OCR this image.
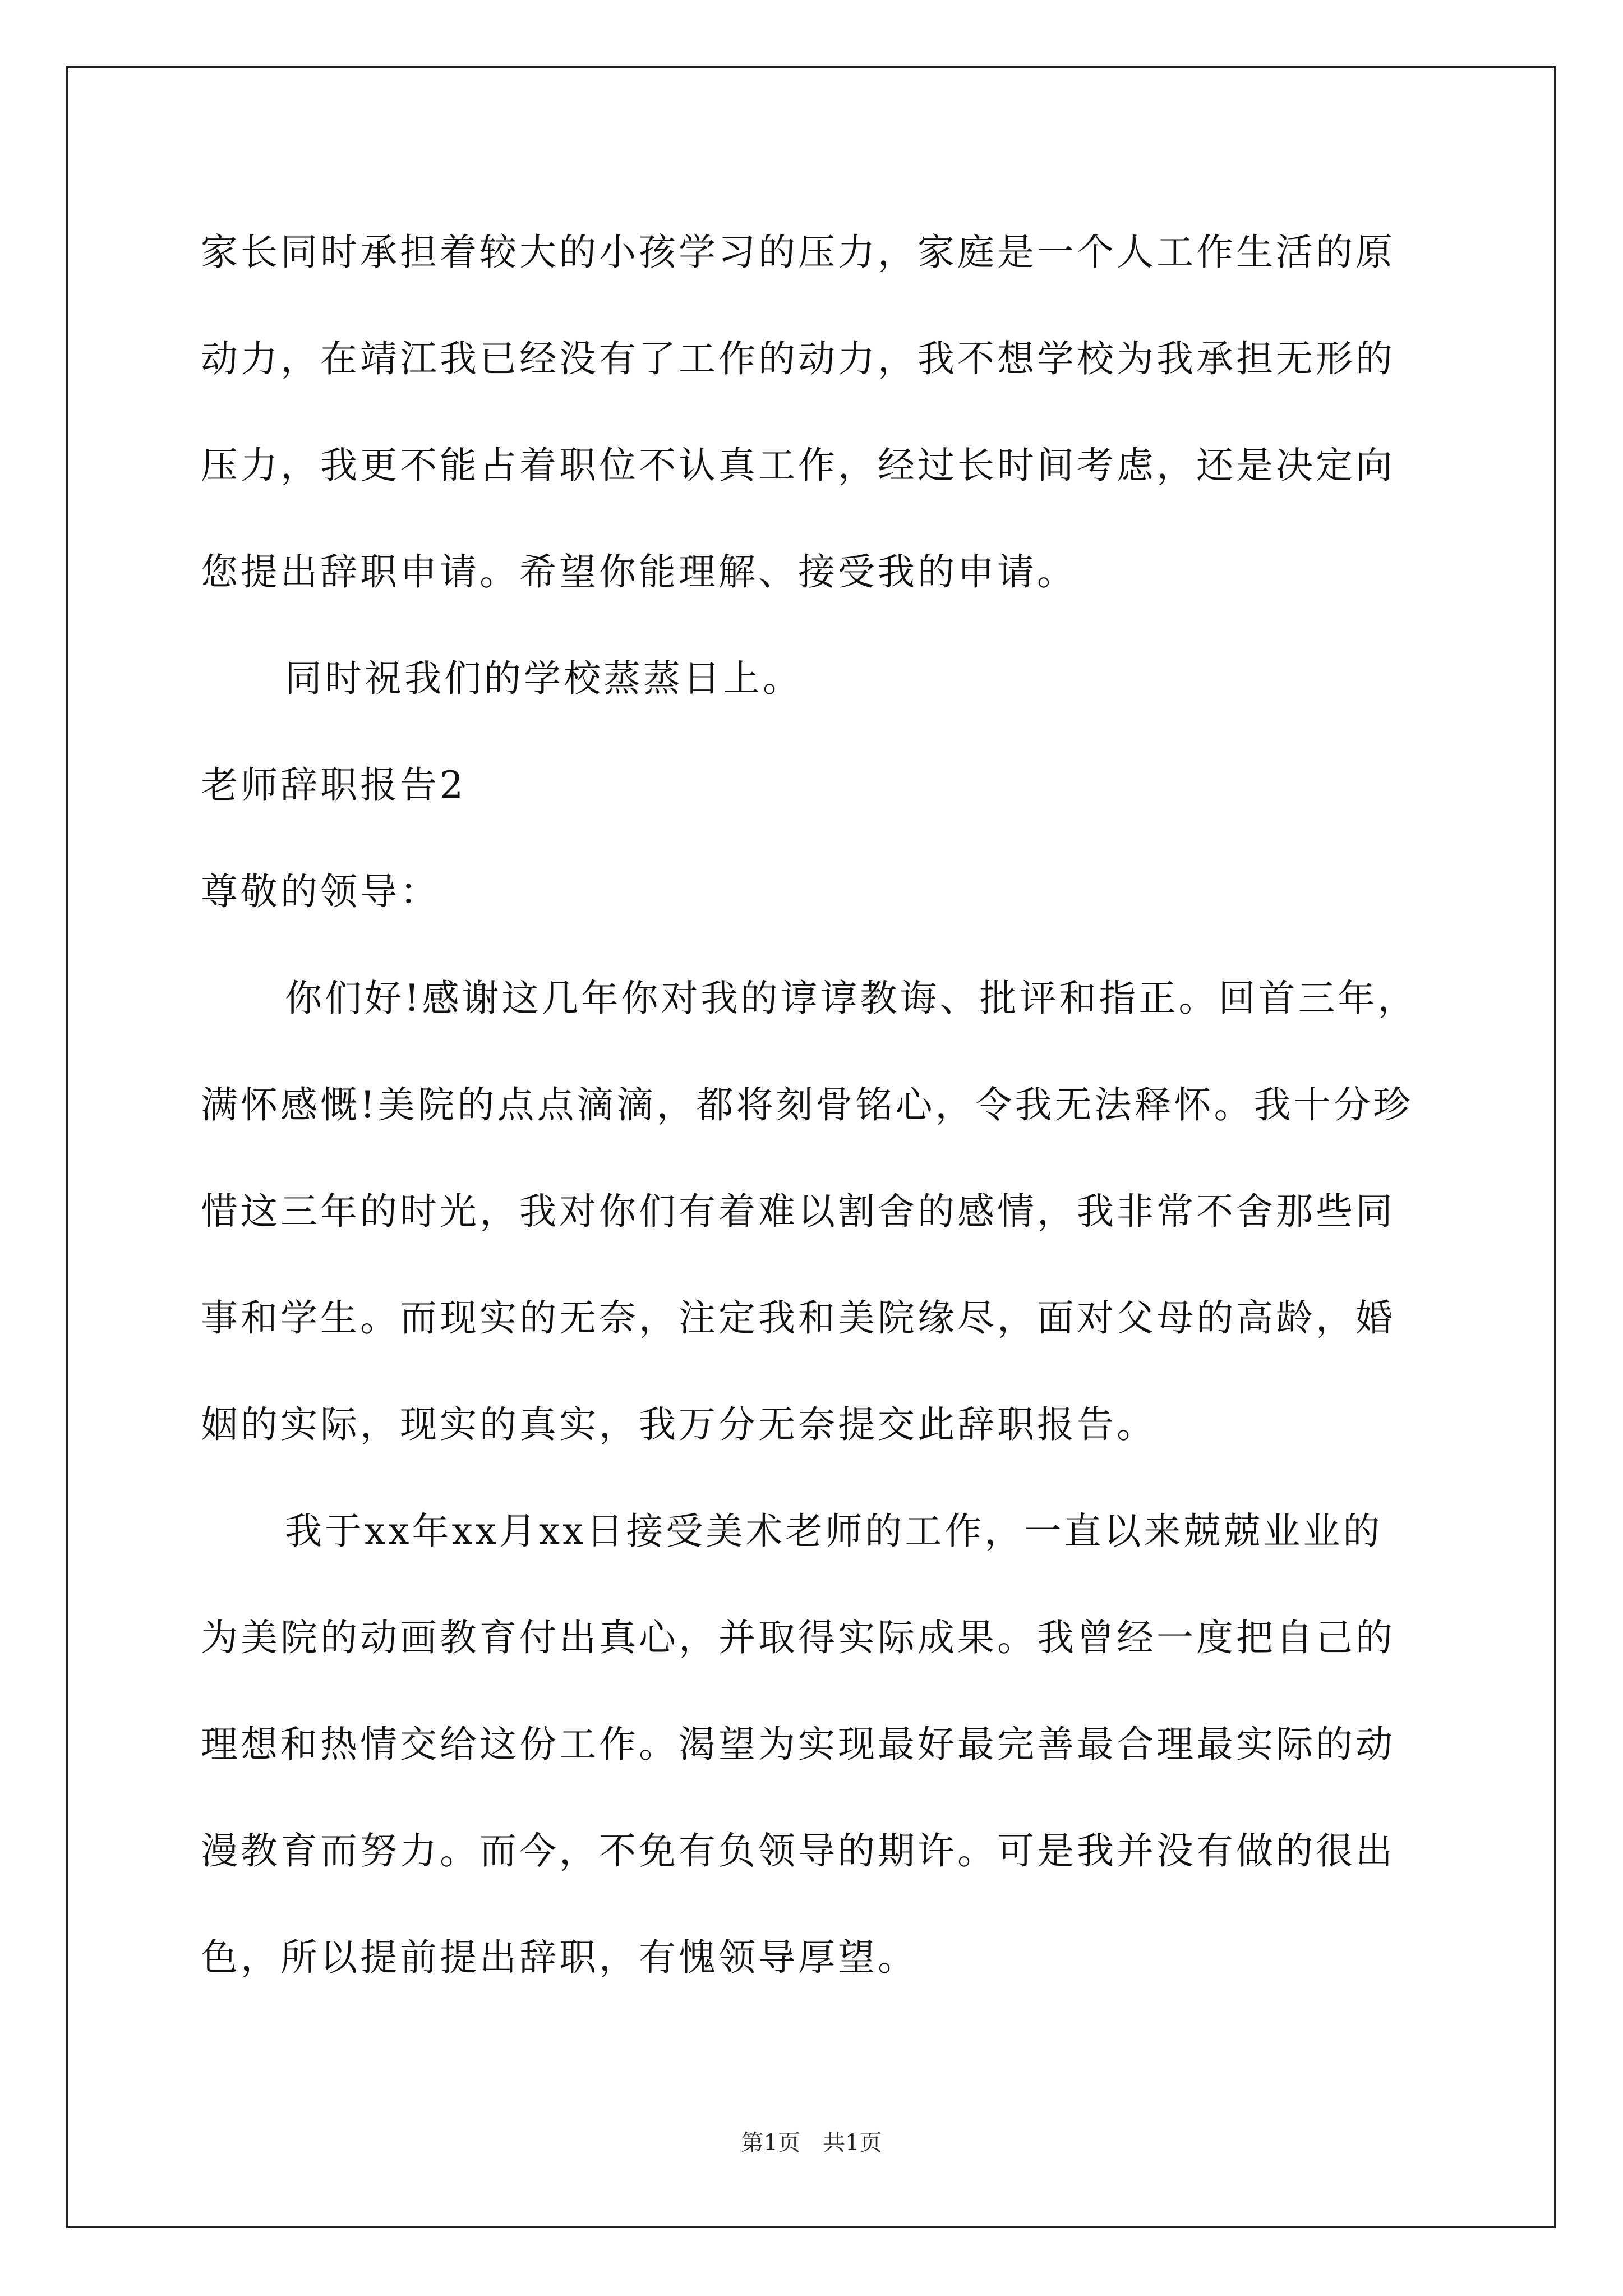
家长同时承担着较大的小孩学习的压力，家庭是一个人工作生活的原
动力，在靖江我已经没有了工作的动力，我不想学校为我承担无形的
压力，我更不能占着职位不认真工作，经过长时间考虑，还是决定向
您提出辞职申请。希望你能理解、接受我的申请。
同时祝我们的学校蒸蒸日上。
老师辞职报告2
尊敬的领导：
你们好!感谢这几年你对我的谆谆教诲、批评和指正。回首三年，
满怀感慨!美院的点点滴滴，都将刻骨铭心，令我无法释怀。我十分珍
惜这三年的时光，我对你们有着难以割舍的感情，我非常不舍那些同
事和学生。而现实的无奈，注定我和美院缘尽，面对父母的高龄，婚
姻的实际，现实的真实，我万分无奈提交此辞职报告。
我于xx年xx月xx日接受美术老师的工作，一直以来兢兢业业的
为美院的动画教育付出真心，并取得实际成果。我曾经一度把自己的
理想和热情交给这份工作。渴望为实现最好最完善最合理最实际的动
漫教育而努力。而今，不免有负领导的期许。可是我并没有做的很出
色，所以提前提出辞职，有愧领导厚望。
第1页　共1页
